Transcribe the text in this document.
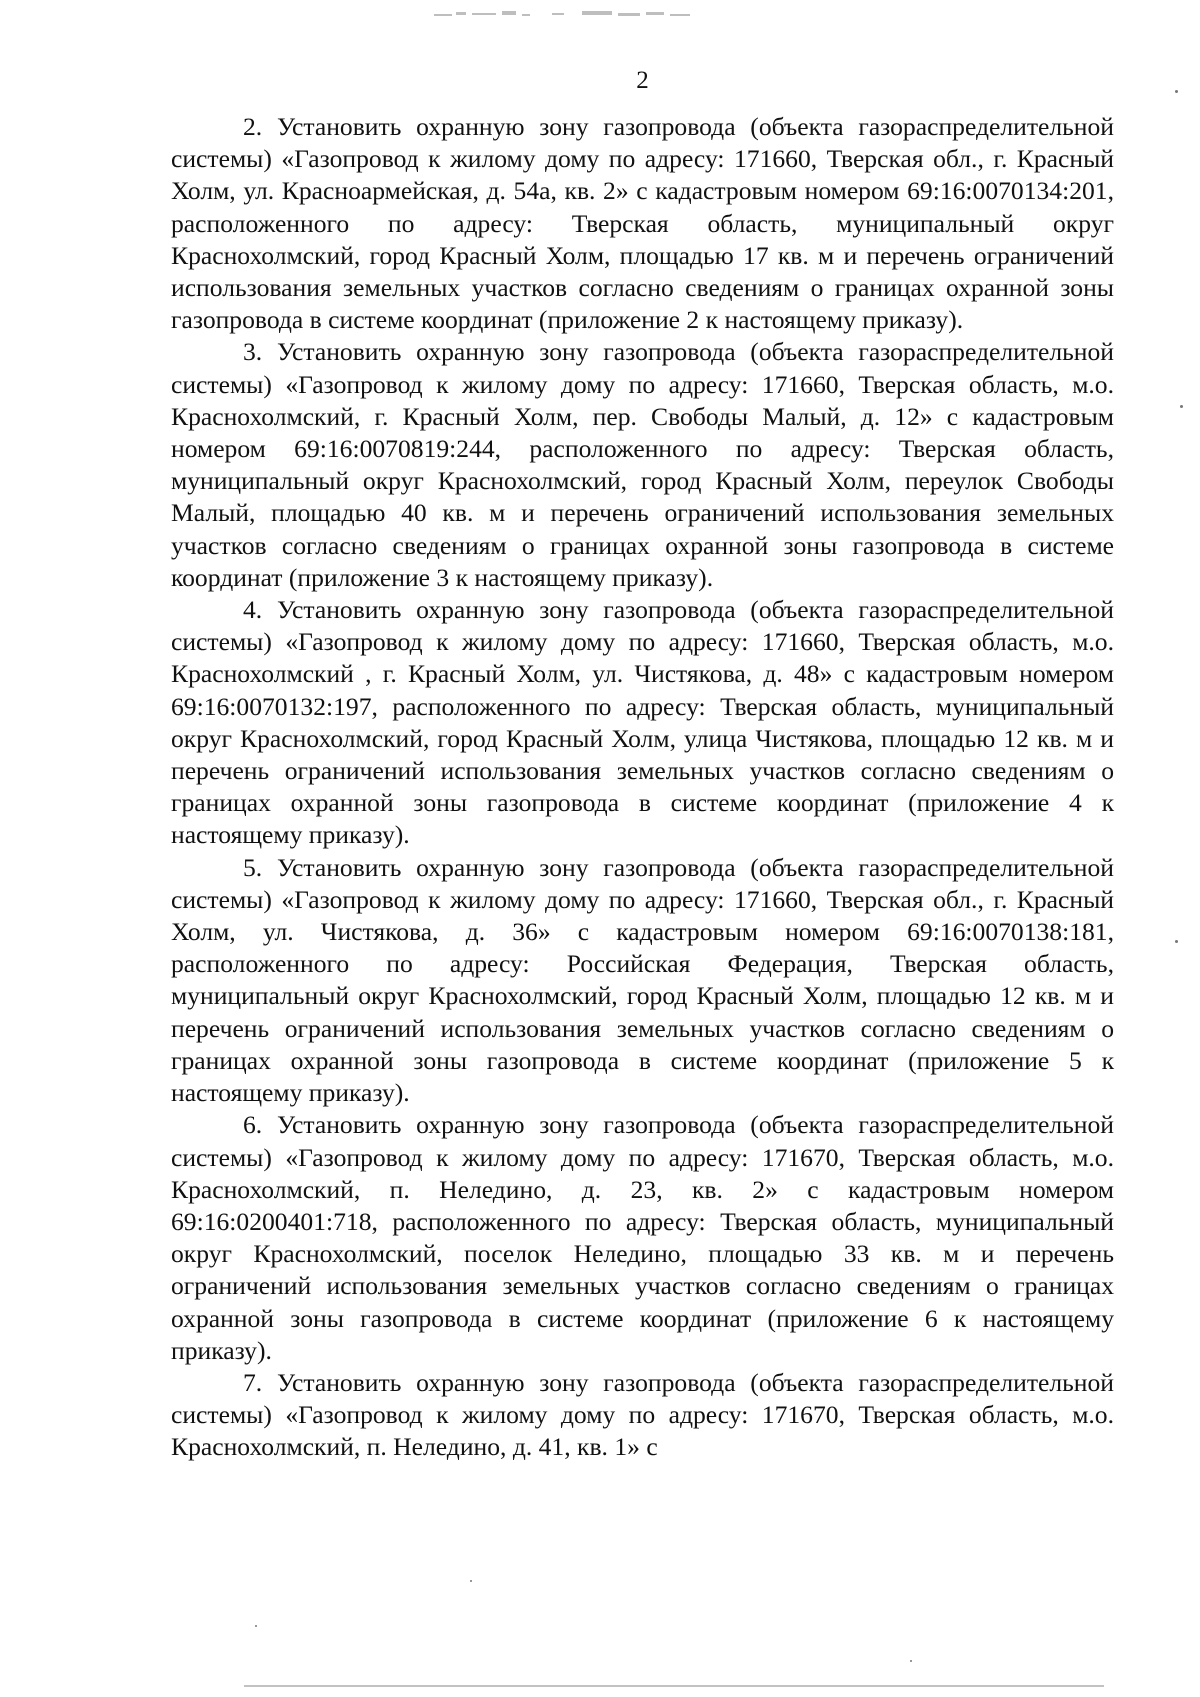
2

2. Установить охранную зону газопровода (объекта газораспределительной системы) «Газопровод к жилому дому по адресу: 171660, Тверская обл., г. Красный Холм, ул. Красноармейская, д. 54а, кв. 2» с кадастровым номером 69:16:0070134:201, расположенного по адресу: Тверская область, муниципальный округ Краснохолмский, город Красный Холм, площадью 17 кв. м и перечень ограничений использования земельных участков согласно сведениям о границах охранной зоны газопровода в системе координат (приложение 2 к настоящему приказу).

3. Установить охранную зону газопровода (объекта газораспределительной системы) «Газопровод к жилому дому по адресу: 171660, Тверская область, м.о. Краснохолмский, г. Красный Холм, пер. Свободы Малый, д. 12» с кадастровым номером 69:16:0070819:244, расположенного по адресу: Тверская область, муниципальный округ Краснохолмский, город Красный Холм, переулок Свободы Малый, площадью 40 кв. м и перечень ограничений использования земельных участков согласно сведениям о границах охранной зоны газопровода в системе координат (приложение 3 к настоящему приказу).

4. Установить охранную зону газопровода (объекта газораспределительной системы) «Газопровод к жилому дому по адресу: 171660, Тверская область, м.о. Краснохолмский , г. Красный Холм, ул. Чистякова, д. 48» с кадастровым номером 69:16:0070132:197, расположенного по адресу: Тверская область, муниципальный округ Краснохолмский, город Красный Холм, улица Чистякова, площадью 12 кв. м и перечень ограничений использования земельных участков согласно сведениям о границах охранной зоны газопровода в системе координат (приложение 4 к настоящему приказу).

5. Установить охранную зону газопровода (объекта газораспределительной системы) «Газопровод к жилому дому по адресу: 171660, Тверская обл., г. Красный Холм, ул. Чистякова, д. 36» с кадастровым номером 69:16:0070138:181, расположенного по адресу: Российская Федерация, Тверская область, муниципальный округ Краснохолмский, город Красный Холм, площадью 12 кв. м и перечень ограничений использования земельных участков согласно сведениям о границах охранной зоны газопровода в системе координат (приложение 5 к настоящему приказу).

6. Установить охранную зону газопровода (объекта газораспределительной системы) «Газопровод к жилому дому по адресу: 171670, Тверская область, м.о. Краснохолмский, п. Неледино, д. 23, кв. 2» с кадастровым номером 69:16:0200401:718, расположенного по адресу: Тверская область, муниципальный округ Краснохолмский, поселок Неледино, площадью 33 кв. м и перечень ограничений использования земельных участков согласно сведениям о границах охранной зоны газопровода в системе координат (приложение 6 к настоящему приказу).

7. Установить охранную зону газопровода (объекта газораспределительной системы) «Газопровод к жилому дому по адресу: 171670, Тверская область, м.о. Краснохолмский, п. Неледино, д. 41, кв. 1» с
